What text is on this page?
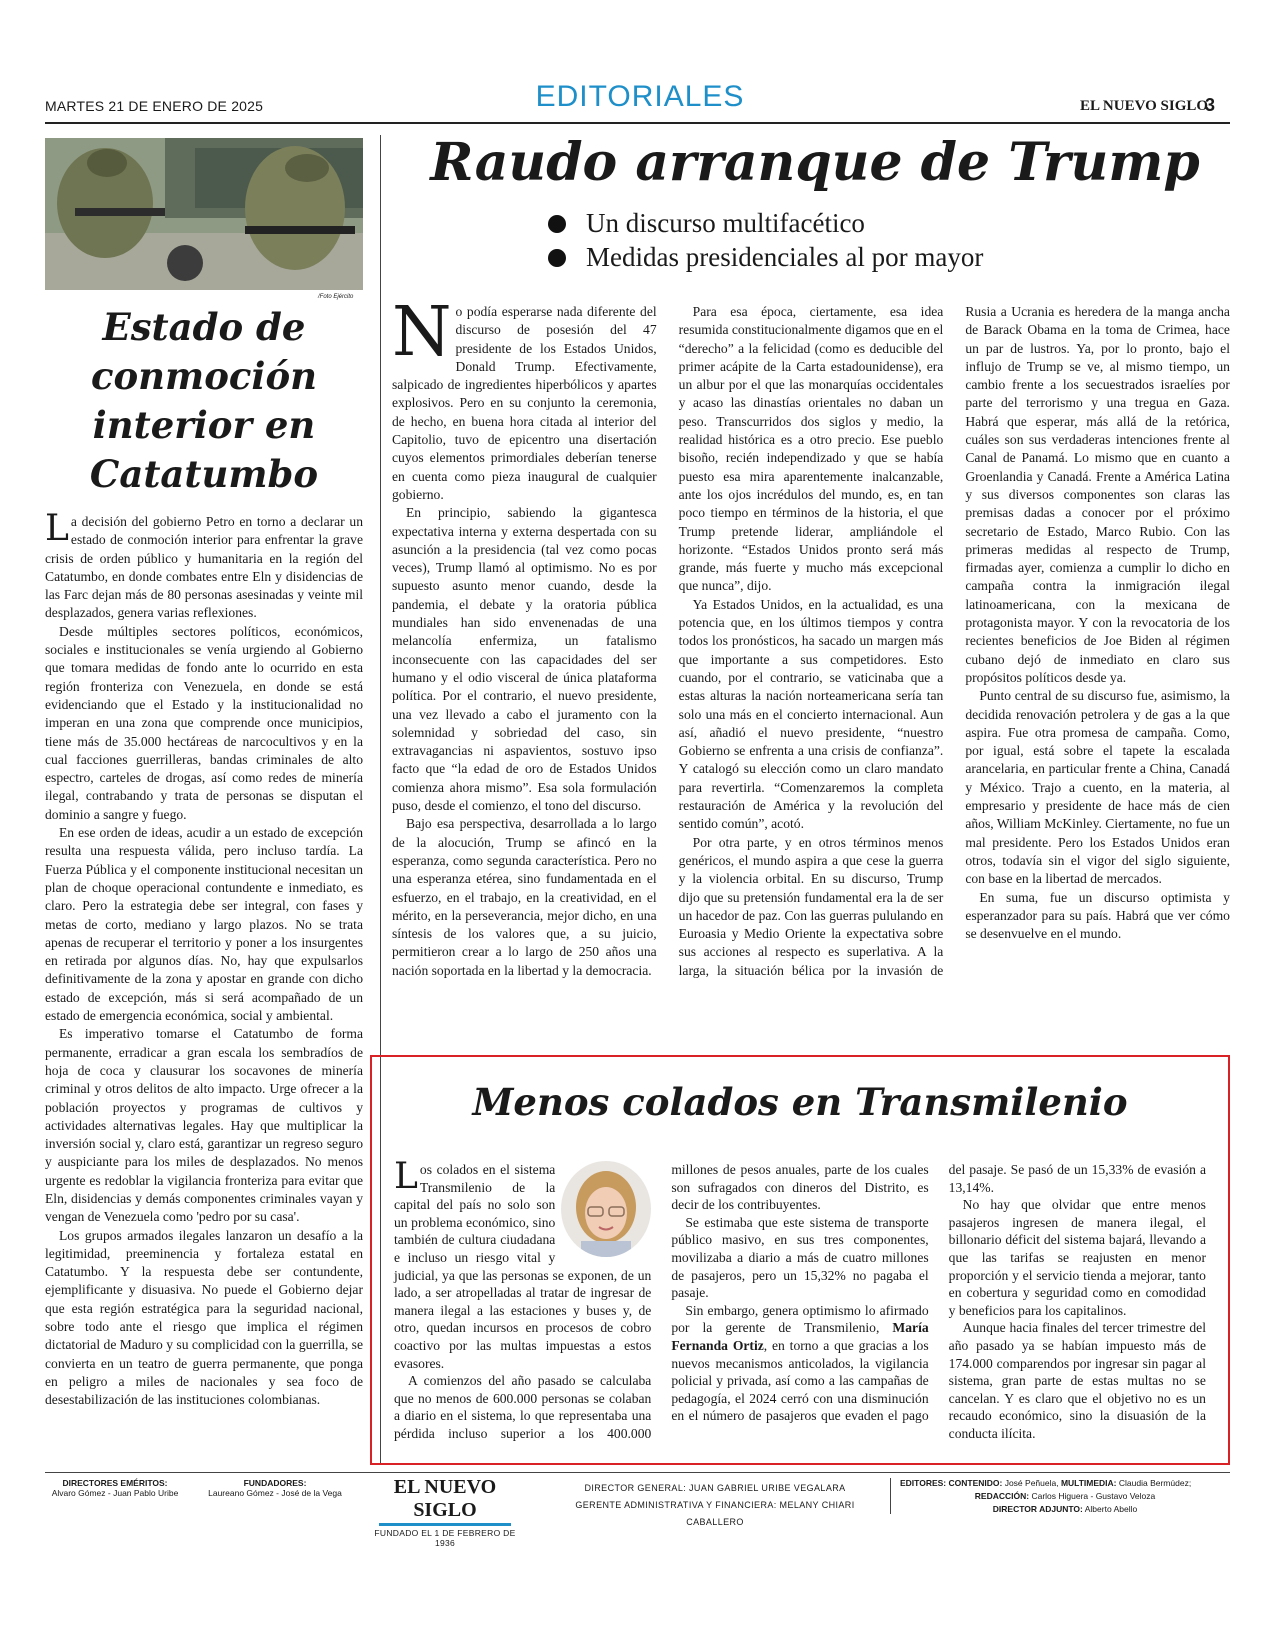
MARTES 21 DE ENERO DE 2025	EDITORIALES	EL NUEVO SIGLO
3
/Foto Ejército
Estado de conmoción interior en Catatumbo

La decisión del gobierno Petro en torno a declarar un estado de conmoción interior para enfrentar la grave crisis de orden público y humanitaria en la región del Catatumbo, en donde combates entre Eln y disidencias de las Farc dejan más de 80 personas asesinadas y veinte mil desplazados, genera varias reflexiones.

Desde múltiples sectores políticos, económicos, sociales e institucionales se venía urgiendo al Gobierno que tomara medidas de fondo ante lo ocurrido en esta región fronteriza con Venezuela, en donde se está evidenciando que el Estado y la institucionalidad no imperan en una zona que comprende once municipios, tiene más de 35.000 hectáreas de narcocultivos y en la cual facciones guerrilleras, bandas criminales de alto espectro, carteles de drogas, así como redes de minería ilegal, contrabando y trata de personas se disputan el dominio a sangre y fuego.

En ese orden de ideas, acudir a un estado de excepción resulta una respuesta válida, pero incluso tardía. La Fuerza Pública y el componente institucional necesitan un plan de choque operacional contundente e inmediato, es claro. Pero la estrategia debe ser integral, con fases y metas de corto, mediano y largo plazos. No se trata apenas de recuperar el territorio y poner a los insurgentes en retirada por algunos días. No, hay que expulsarlos definitivamente de la zona y apostar en grande con dicho estado de excepción, más si será acompañado de un estado de emergencia económica, social y ambiental.

Es imperativo tomarse el Catatumbo de forma permanente, erradicar a gran escala los sembradíos de hoja de coca y clausurar los socavones de minería criminal y otros delitos de alto impacto. Urge ofrecer a la población proyectos y programas de cultivos y actividades alternativas legales. Hay que multiplicar la inversión social y, claro está, garantizar un regreso seguro y auspiciante para los miles de desplazados. No menos urgente es redoblar la vigilancia fronteriza para evitar que Eln, disidencias y demás componentes criminales vayan y vengan de Venezuela como 'pedro por su casa'.

Los grupos armados ilegales lanzaron un desafío a la legitimidad, preeminencia y fortaleza estatal en Catatumbo. Y la respuesta debe ser contundente, ejemplificante y disuasiva. No puede el Gobierno dejar que esta región estratégica para la seguridad nacional, sobre todo ante el riesgo que implica el régimen dictatorial de Maduro y su complicidad con la guerrilla, se convierta en un teatro de guerra permanente, que ponga en peligro a miles de nacionales y sea foco de desestabilización de las instituciones colombianas.

Raudo arranque de Trump
Un discurso multifacético
Medidas presidenciales al por mayor

No podía esperarse nada diferente del discurso de posesión del 47 presidente de los Estados Unidos, Donald Trump. Efectivamente, salpicado de ingredientes hiperbólicos y apartes explosivos. Pero en su conjunto la ceremonia, de hecho, en buena hora citada al interior del Capitolio, tuvo de epicentro una disertación cuyos elementos primordiales deberían tenerse en cuenta como pieza inaugural de cualquier gobierno.

En principio, sabiendo la gigantesca expectativa interna y externa despertada con su asunción a la presidencia (tal vez como pocas veces), Trump llamó al optimismo. No es por supuesto asunto menor cuando, desde la pandemia, el debate y la oratoria pública mundiales han sido envenenadas de una melancolía enfermiza, un fatalismo inconsecuente con las capacidades del ser humano y el odio visceral de única plataforma política. Por el contrario, el nuevo presidente, una vez llevado a cabo el juramento con la solemnidad y sobriedad del caso, sin extravagancias ni aspavientos, sostuvo ipso facto que “la edad de oro de Estados Unidos comienza ahora mismo”. Esa sola formulación puso, desde el comienzo, el tono del discurso.

Bajo esa perspectiva, desarrollada a lo largo de la alocución, Trump se afincó en la esperanza, como segunda característica. Pero no una esperanza etérea, sino fundamentada en el esfuerzo, en el trabajo, en la creatividad, en el mérito, en la perseverancia, mejor dicho, en una síntesis de los valores que, a su juicio, permitieron crear a lo largo de 250 años una nación soportada en la libertad y la democracia.

Para esa época, ciertamente, esa idea resumida constitucionalmente digamos que en el “derecho” a la felicidad (como es deducible del primer acápite de la Carta estadounidense), era un albur por el que las monarquías occidentales y acaso las dinastías orientales no daban un peso. Transcurridos dos siglos y medio, la realidad histórica es a otro precio. Ese pueblo bisoño, recién independizado y que se había puesto esa mira aparentemente inalcanzable, ante los ojos incrédulos del mundo, es, en tan poco tiempo en términos de la historia, el que Trump pretende liderar, ampliándole el horizonte. “Estados Unidos pronto será más grande, más fuerte y mucho más excepcional que nunca”, dijo.

Ya Estados Unidos, en la actualidad, es una potencia que, en los últimos tiempos y contra todos los pronósticos, ha sacado un margen más que importante a sus competidores. Esto cuando, por el contrario, se vaticinaba que a estas alturas la nación norteamericana sería tan solo una más en el concierto internacional. Aun así, añadió el nuevo presidente, “nuestro Gobierno se enfrenta a una crisis de confianza”. Y catalogó su elección como un claro mandato para revertirla. “Comenzaremos la completa restauración de América y la revolución del sentido común”, acotó.

Por otra parte, y en otros términos menos genéricos, el mundo aspira a que cese la guerra y la violencia orbital. En su discurso, Trump dijo que su pretensión fundamental era la de ser un hacedor de paz. Con las guerras pululando en Euroasia y Medio Oriente la expectativa sobre sus acciones al respecto es superlativa. A la larga, la situación bélica por la invasión de Rusia a Ucrania es heredera de la manga ancha de Barack Obama en la toma de Crimea, hace un par de lustros. Ya, por lo pronto, bajo el influjo de Trump se ve, al mismo tiempo, un cambio frente a los secuestrados israelíes por parte del terrorismo y una tregua en Gaza. Habrá que esperar, más allá de la retórica, cuáles son sus verdaderas intenciones frente al Canal de Panamá. Lo mismo que en cuanto a Groenlandia y Canadá. Frente a América Latina y sus diversos componentes son claras las premisas dadas a conocer por el próximo secretario de Estado, Marco Rubio. Con las primeras medidas al respecto de Trump, firmadas ayer, comienza a cumplir lo dicho en campaña contra la inmigración ilegal latinoamericana, con la mexicana de protagonista mayor. Y con la revocatoria de los recientes beneficios de Joe Biden al régimen cubano dejó de inmediato en claro sus propósitos políticos desde ya.

Punto central de su discurso fue, asimismo, la decidida renovación petrolera y de gas a la que aspira. Fue otra promesa de campaña. Como, por igual, está sobre el tapete la escalada arancelaria, en particular frente a China, Canadá y México. Trajo a cuento, en la materia, al empresario y presidente de hace más de cien años, William McKinley. Ciertamente, no fue un mal presidente. Pero los Estados Unidos eran otros, todavía sin el vigor del siglo siguiente, con base en la libertad de mercados.

En suma, fue un discurso optimista y esperanzador para su país. Habrá que ver cómo se desenvuelve en el mundo.

Menos colados en Transmilenio

Los colados en el sistema Transmilenio de la capital del país no solo son un problema económico, sino también de cultura ciudadana e incluso un riesgo vital y judicial, ya que las personas se exponen, de un lado, a ser atropelladas al tratar de ingresar de manera ilegal a las estaciones y buses y, de otro, quedan incursos en procesos de cobro coactivo por las multas impuestas a estos evasores.

A comienzos del año pasado se calculaba que no menos de 600.000 personas se colaban a diario en el sistema, lo que representaba una pérdida incluso superior a los 400.000 millones de pesos anuales, parte de los cuales son sufragados con dineros del Distrito, es decir de los contribuyentes.

Se estimaba que este sistema de transporte público masivo, en sus tres componentes, movilizaba a diario a más de cuatro millones de pasajeros, pero un 15,32% no pagaba el pasaje.

Sin embargo, genera optimismo lo afirmado por la gerente de Transmilenio, María Fernanda Ortiz, en torno a que gracias a los nuevos mecanismos anticolados, la vigilancia policial y privada, así como a las campañas de pedagogía, el 2024 cerró con una disminución en el número de pasajeros que evaden el pago del pasaje. Se pasó de un 15,33% de evasión a 13,14%.

No hay que olvidar que entre menos pasajeros ingresen de manera ilegal, el billonario déficit del sistema bajará, llevando a que las tarifas se reajusten en menor proporción y el servicio tienda a mejorar, tanto en cobertura y seguridad como en comodidad y beneficios para los capitalinos.

Aunque hacia finales del tercer trimestre del año pasado ya se habían impuesto más de 174.000 comparendos por ingresar sin pagar al sistema, gran parte de estas multas no se cancelan. Y es claro que el objetivo no es un recaudo económico, sino la disuasión de la conducta ilícita.

DIRECTORES EMÉRITOS:
Alvaro Gómez - Juan Pablo Uribe
FUNDADORES:
Laureano Gómez - José de la Vega	EL NUEVO SIGLO
FUNDADO EL 1 DE FEBRERO DE 1936
DIRECTOR GENERAL: JUAN GABRIEL URIBE VEGALARA
GERENTE ADMINISTRATIVA Y FINANCIERA: MELANY CHIARI CABALLERO
EDITORES: CONTENIDO: José Peñuela, MULTIMEDIA: Claudia Bermúdez;
REDACCIÓN: Carlos Higuera - Gustavo Veloza
DIRECTOR ADJUNTO: Alberto Abello
